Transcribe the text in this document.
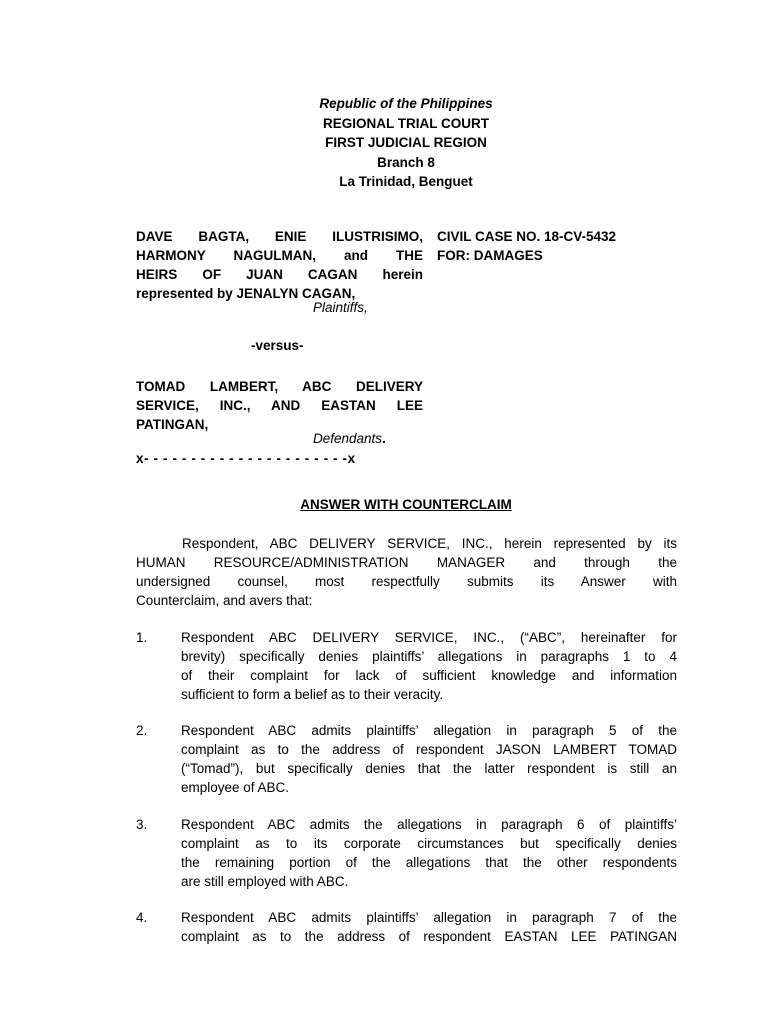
Republic of the Philippines
REGIONAL TRIAL COURT
FIRST JUDICIAL REGION
Branch 8
La Trinidad, Benguet
DAVE BAGTA, ENIE ILUSTRISIMO,
HARMONY NAGULMAN, and THE
HEIRS OF JUAN CAGAN herein
represented by JENALYN CAGAN,
CIVIL CASE NO. 18-CV-5432
FOR: DAMAGES
Plaintiffs,
-versus-
TOMAD LAMBERT, ABC DELIVERY
SERVICE, INC., AND EASTAN LEE
PATINGAN,
Defendants.
x- - - - - - - - - - - - - - - - - - - - - -x
ANSWER WITH COUNTERCLAIM
Respondent, ABC DELIVERY SERVICE, INC., herein represented by its
HUMAN RESOURCE/ADMINISTRATION MANAGER and through the
undersigned counsel, most respectfully submits its Answer with
Counterclaim, and avers that:
1.	Respondent ABC DELIVERY SERVICE, INC., (“ABC”, hereinafter for
brevity) specifically denies plaintiffs’ allegations in paragraphs 1 to 4
of their complaint for lack of sufficient knowledge and information
sufficient to form a belief as to their veracity.
2.	Respondent ABC admits plaintiffs’ allegation in paragraph 5 of the
complaint as to the address of respondent JASON LAMBERT TOMAD
(“Tomad”), but specifically denies that the latter respondent is still an
employee of ABC.
3.	Respondent ABC admits the allegations in paragraph 6 of plaintiffs’
complaint as to its corporate circumstances but specifically denies
the remaining portion of the allegations that the other respondents
are still employed with ABC.
4.	Respondent ABC admits plaintiffs’ allegation in paragraph 7 of the
complaint as to the address of respondent EASTAN LEE PATINGAN
